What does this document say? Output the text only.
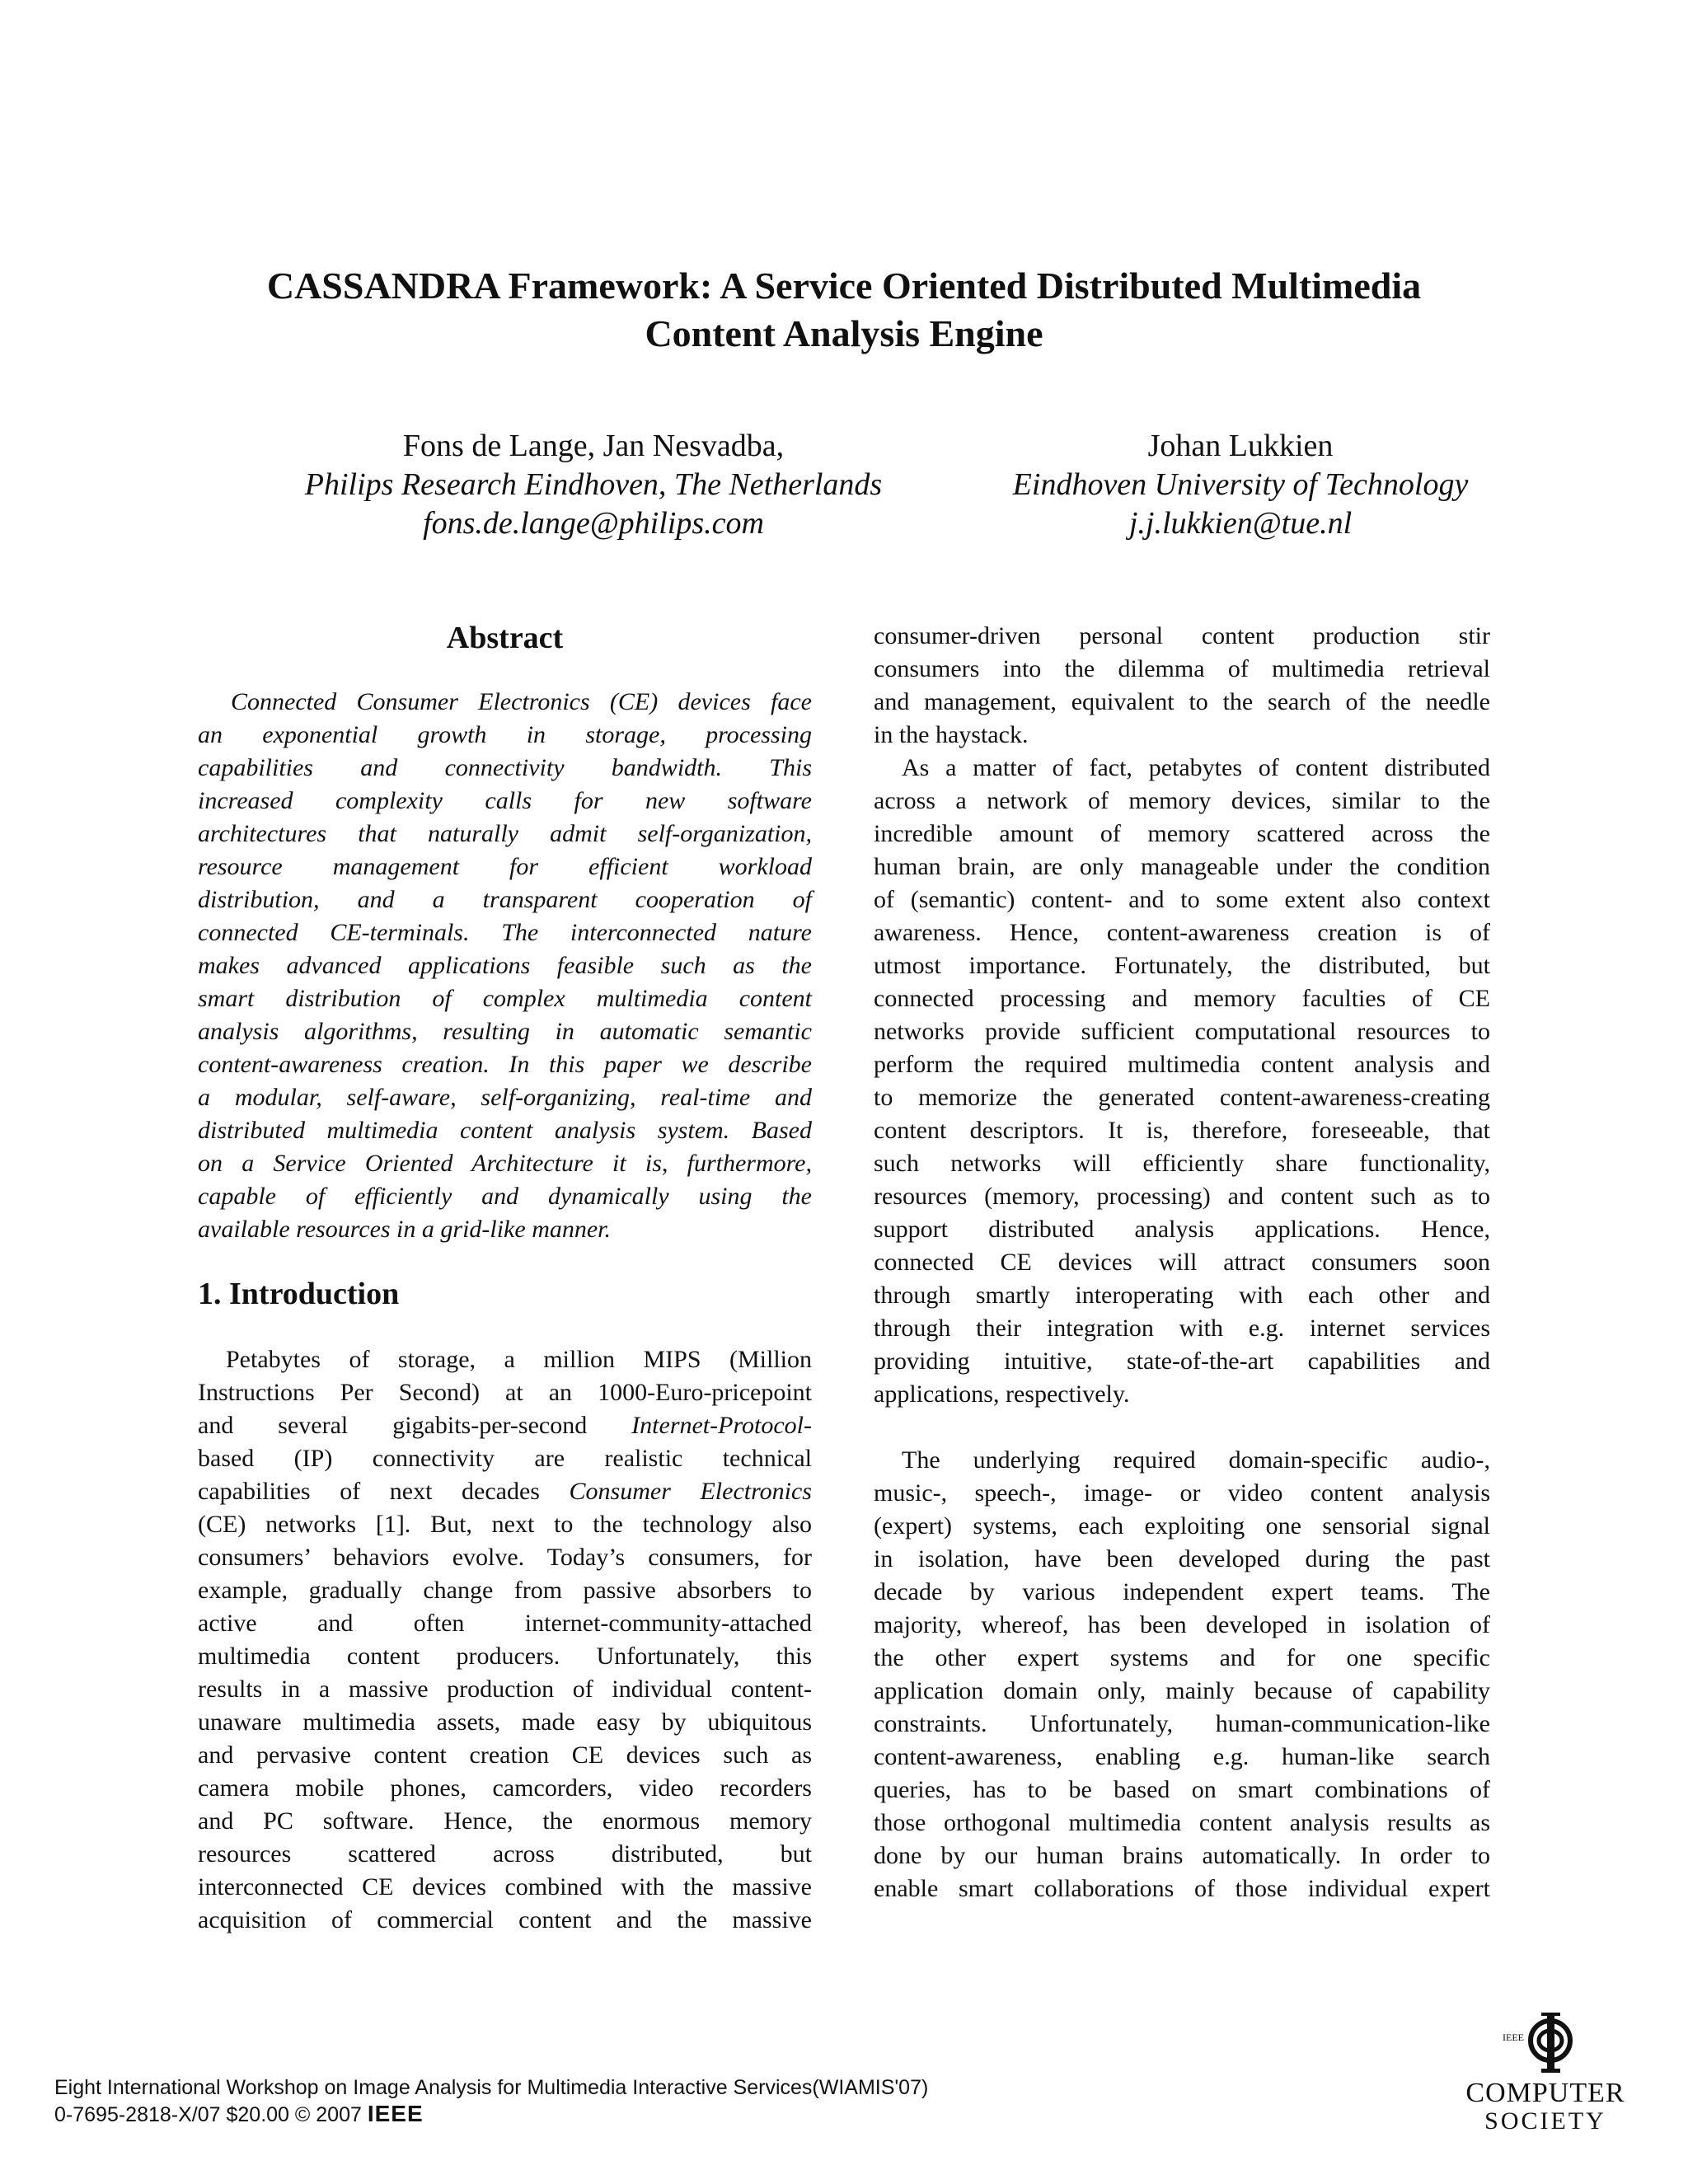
CASSANDRA Framework: A Service Oriented Distributed Multimedia
Content Analysis Engine
Fons de Lange, Jan Nesvadba,
Philips Research Eindhoven, The Netherlands
fons.de.lange@philips.com
Johan Lukkien
Eindhoven University of Technology
j.j.lukkien@tue.nl
Abstract
Connected Consumer Electronics (CE) devices face
an exponential growth in storage, processing
capabilities and connectivity bandwidth. This
increased complexity calls for new software
architectures that naturally admit self-organization,
resource management for efficient workload
distribution, and a transparent cooperation of
connected CE-terminals. The interconnected nature
makes advanced applications feasible such as the
smart distribution of complex multimedia content
analysis algorithms, resulting in automatic semantic
content-awareness creation. In this paper we describe
a modular, self-aware, self-organizing, real-time and
distributed multimedia content analysis system. Based
on a Service Oriented Architecture it is, furthermore,
capable of efficiently and dynamically using the
available resources in a grid-like manner.
1. Introduction
Petabytes of storage, a million MIPS (Million
Instructions Per Second) at an 1000-Euro-pricepoint
and several gigabits-per-second Internet-Protocol-
based (IP) connectivity are realistic technical
capabilities of next decades Consumer Electronics
(CE) networks [1]. But, next to the technology also
consumers’ behaviors evolve. Today’s consumers, for
example, gradually change from passive absorbers to
active and often internet-community-attached
multimedia content producers. Unfortunately, this
results in a massive production of individual content-
unaware multimedia assets, made easy by ubiquitous
and pervasive content creation CE devices such as
camera mobile phones, camcorders, video recorders
and PC software. Hence, the enormous memory
resources scattered across distributed, but
interconnected CE devices combined with the massive
acquisition of commercial content and the massive
consumer-driven personal content production stir
consumers into the dilemma of multimedia retrieval
and management, equivalent to the search of the needle
in the haystack.
As a matter of fact, petabytes of content distributed
across a network of memory devices, similar to the
incredible amount of memory scattered across the
human brain, are only manageable under the condition
of (semantic) content- and to some extent also context
awareness. Hence, content-awareness creation is of
utmost importance. Fortunately, the distributed, but
connected processing and memory faculties of CE
networks provide sufficient computational resources to
perform the required multimedia content analysis and
to memorize the generated content-awareness-creating
content descriptors. It is, therefore, foreseeable, that
such networks will efficiently share functionality,
resources (memory, processing) and content such as to
support distributed analysis applications. Hence,
connected CE devices will attract consumers soon
through smartly interoperating with each other and
through their integration with e.g. internet services
providing intuitive, state-of-the-art capabilities and
applications, respectively.
The underlying required domain-specific audio-,
music-, speech-, image- or video content analysis
(expert) systems, each exploiting one sensorial signal
in isolation, have been developed during the past
decade by various independent expert teams. The
majority, whereof, has been developed in isolation of
the other expert systems and for one specific
application domain only, mainly because of capability
constraints. Unfortunately, human-communication-like
content-awareness, enabling e.g. human-like search
queries, has to be based on smart combinations of
those orthogonal multimedia content analysis results as
done by our human brains automatically. In order to
enable smart collaborations of those individual expert
Eight International Workshop on Image Analysis for Multimedia Interactive Services(WIAMIS'07)
0-7695-2818-X/07 $20.00 © 2007 IEEE
IEEE
COMPUTER
SOCIETY
